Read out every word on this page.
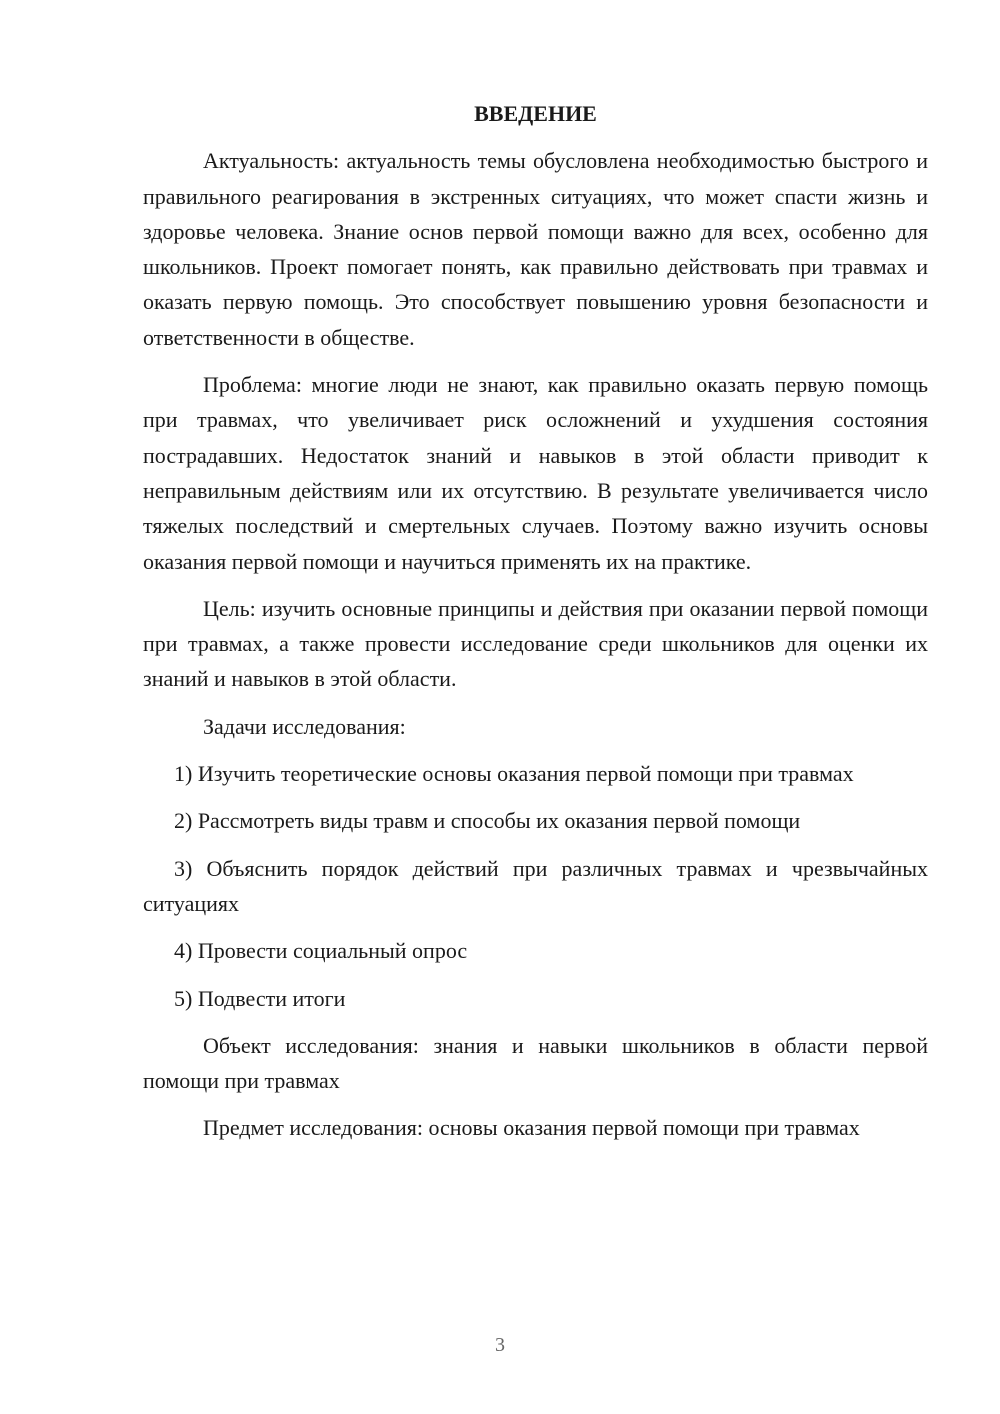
ВВЕДЕНИЕ

Актуальность: актуальность темы обусловлена необходимостью быстрого и правильного реагирования в экстренных ситуациях, что может спасти жизнь и здоровье человека. Знание основ первой помощи важно для всех, особенно для школьников. Проект помогает понять, как правильно действовать при травмах и оказать первую помощь. Это способствует повышению уровня безопасности и ответственности в обществе.

Проблема: многие люди не знают, как правильно оказать первую помощь при травмах, что увеличивает риск осложнений и ухудшения состояния пострадавших. Недостаток знаний и навыков в этой области приводит к неправильным действиям или их отсутствию. В результате увеличивается число тяжелых последствий и смертельных случаев. Поэтому важно изучить основы оказания первой помощи и научиться применять их на практике.

Цель: изучить основные принципы и действия при оказании первой помощи при травмах, а также провести исследование среди школьников для оценки их знаний и навыков в этой области.

Задачи исследования:

1) Изучить теоретические основы оказания первой помощи при травмах
2) Рассмотреть виды травм и способы их оказания первой помощи
3) Объяснить порядок действий при различных травмах и чрезвычайных ситуациях
4) Провести социальный опрос
5) Подвести итоги

Объект исследования: знания и навыки школьников в области первой помощи при травмах

Предмет исследования: основы оказания первой помощи при травмах

3
